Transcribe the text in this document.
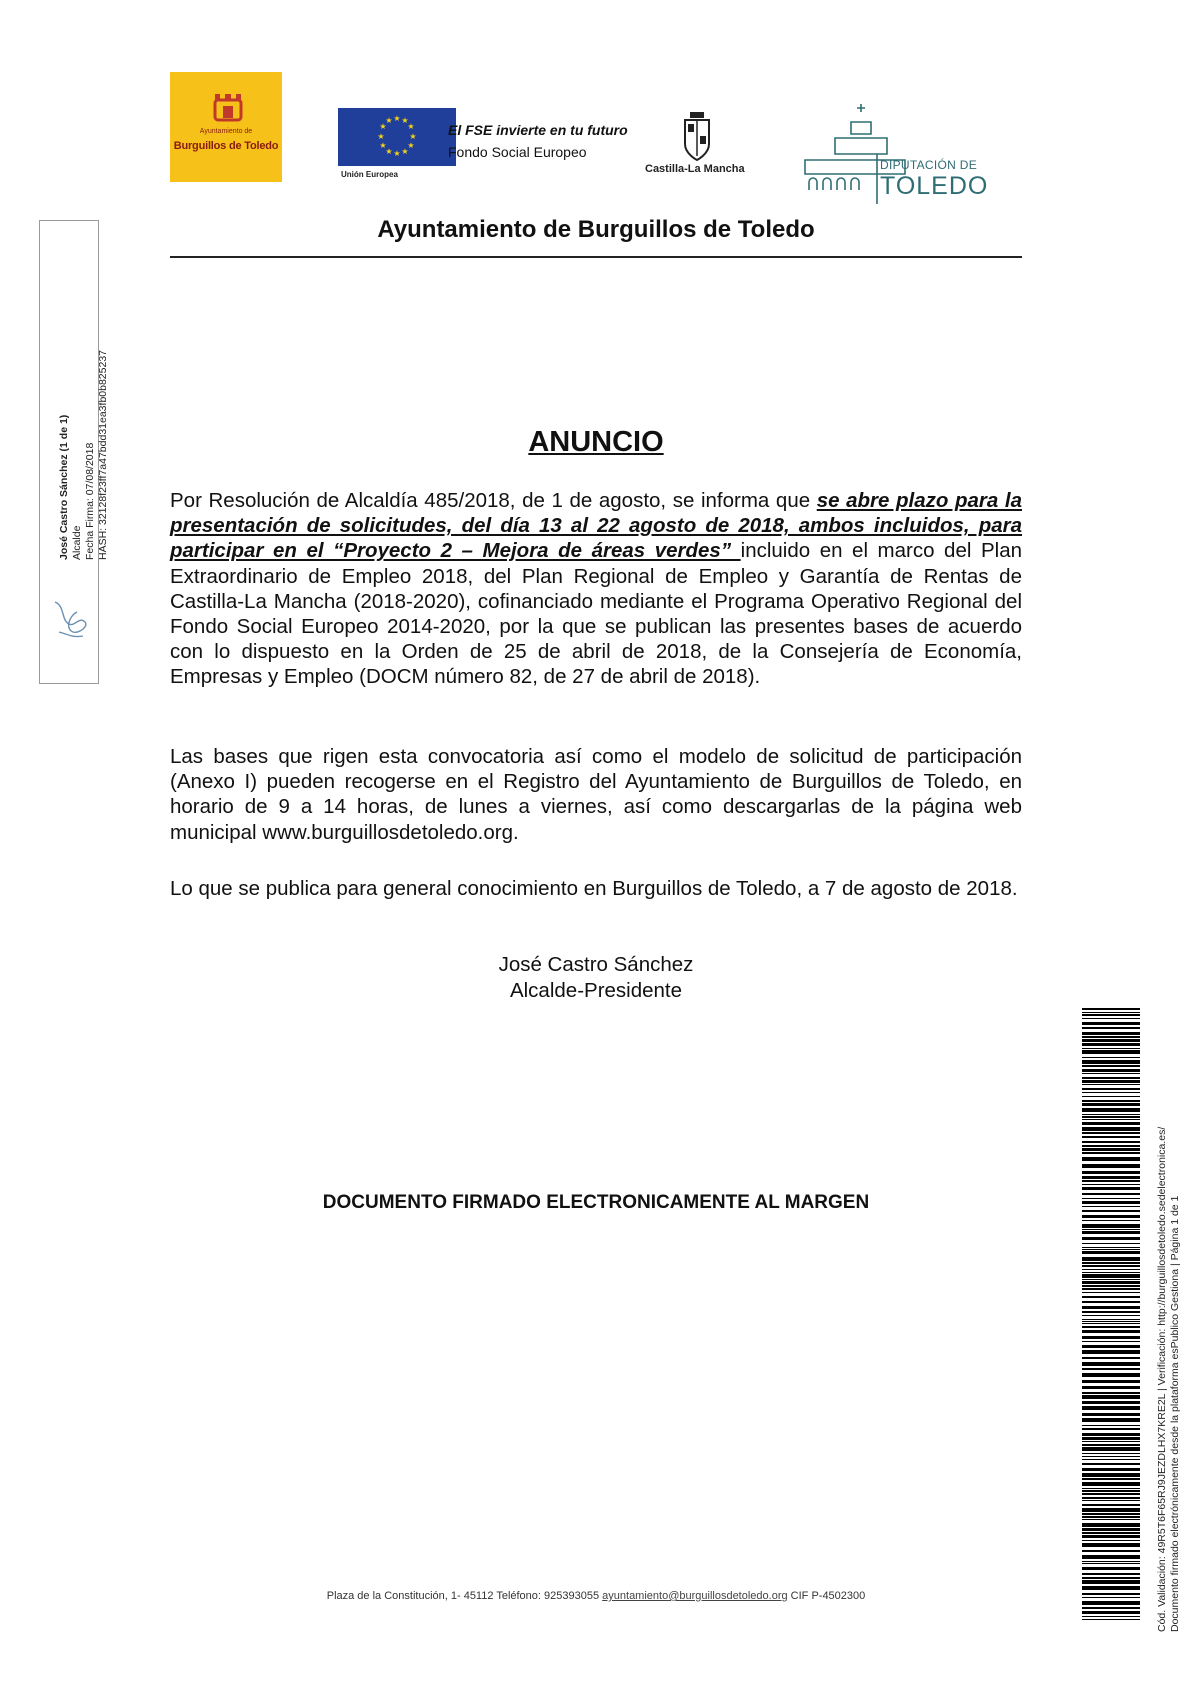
Ayuntamiento de
Burguillos de Toledo
★ ★
★
★
★
★
★
★
★
★
★
★
Unión Europea
El FSE invierte en tu futuro
Fondo Social Europeo
Castilla-La Mancha	DIPUTACIÓN DE
TOLEDO
Ayuntamiento de Burguillos de Toledo
José Castro Sánchez (1 de 1) Alcalde Fecha Firma: 07/08/2018 HASH: 32128f23ff7a47bdd31ea3fb0b825237	ANUNCIO

Por Resolución de Alcaldía 485/2018, de 1 de agosto, se informa que se abre plazo para la presentación de solicitudes, del día 13 al 22 agosto de 2018, ambos incluidos, para participar en el “Proyecto 2 – Mejora de áreas verdes” incluido en el marco del Plan Extraordinario de Empleo 2018, del Plan Regional de Empleo y Garantía de Rentas de Castilla-La Mancha (2018-2020), cofinanciado mediante el Programa Operativo Regional del Fondo Social Europeo 2014-2020, por la que se publican las presentes bases de acuerdo con lo dispuesto en la Orden de 25 de abril de 2018, de la Consejería de Economía, Empresas y Empleo (DOCM número 82, de 27 de abril de 2018).

Las bases que rigen esta convocatoria así como el modelo de solicitud de participación (Anexo I) pueden recogerse en el Registro del Ayuntamiento de Burguillos de Toledo, en horario de 9 a 14 horas, de lunes a viernes, así como descargarlas de la página web municipal www.burguillosdetoledo.org.

Lo que se publica para general conocimiento en Burguillos de Toledo, a 7 de agosto de 2018.

José Castro Sánchez
Alcalde-Presidente
DOCUMENTO FIRMADO ELECTRONICAMENTE AL MARGEN
Plaza de la Constitución, 1- 45112 Teléfono: 925393055 ayuntamiento@burguillosdetoledo.org CIF P-4502300	Cód. Validación: 49R5T6F65RJ9JEZDLHX7KRE2L | Verificación: http://burguillosdetoledo.sedelectronica.es/ Documento firmado electrónicamente desde la plataforma esPublico Gestiona | Página 1 de 1
